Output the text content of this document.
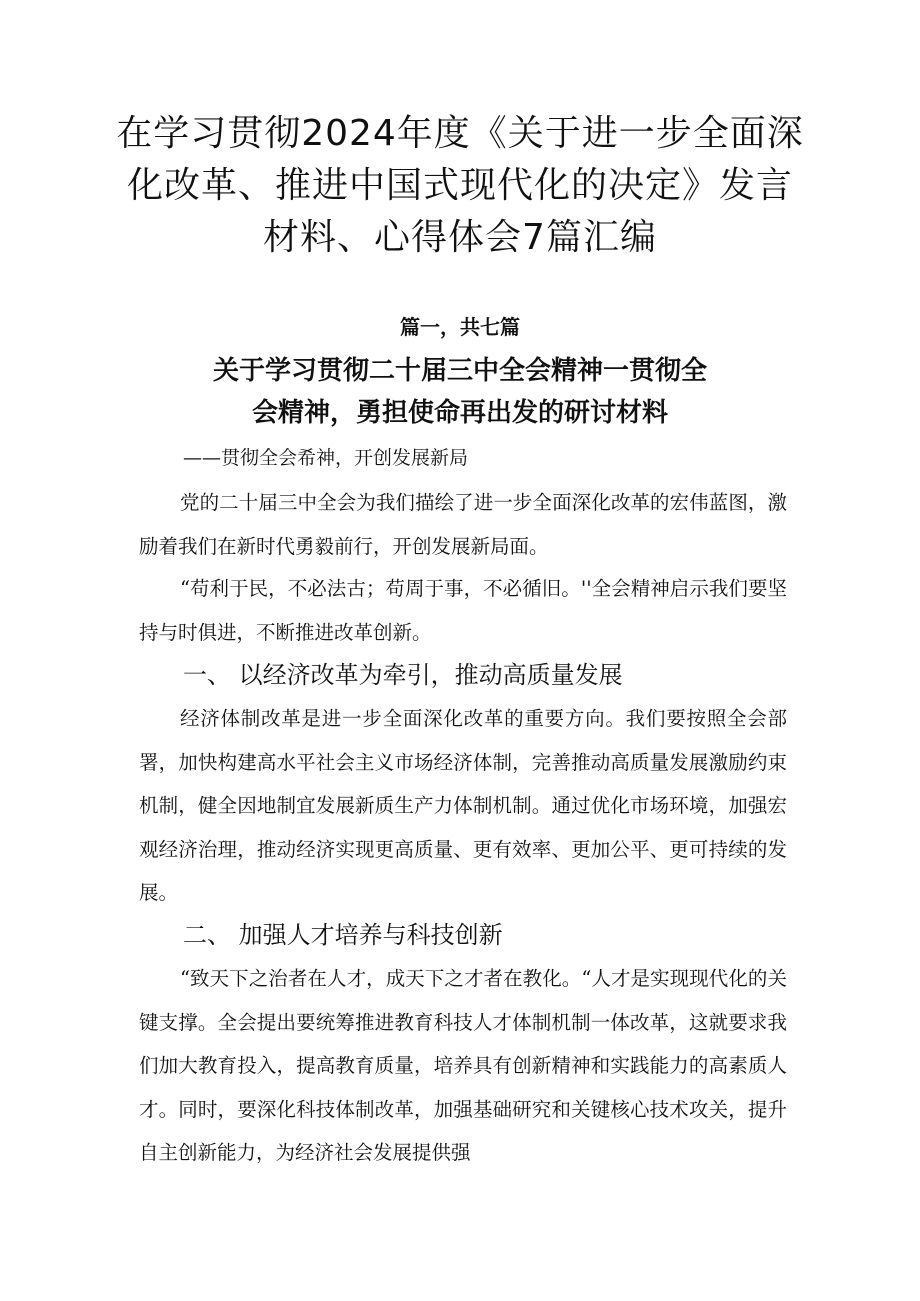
在学习贯彻2024年度《关于进一步全面深
化改革、推进中国式现代化的决定》发言
材料、心得体会7篇汇编
篇一，共七篇
关于学习贯彻二十届三中全会精神一贯彻全
会精神，勇担使命再出发的研讨材料
——贯彻全会希神，开创发展新局

党的二十届三中全会为我们描绘了进一步全面深化改革的宏伟蓝图，激励着我们在新时代勇毅前行，开创发展新局面。

“苟利于民，不必法古；苟周于事，不必循旧。''全会精神启示我们要坚持与时俱进，不断推进改革创新。

一、 以经济改革为牵引，推动高质量发展

经济体制改革是进一步全面深化改革的重要方向。我们要按照全会部署，加快构建高水平社会主义市场经济体制，完善推动高质量发展激励约束机制，健全因地制宜发展新质生产力体制机制。通过优化市场环境，加强宏观经济治理，推动经济实现更高质量、更有效率、更加公平、更可持续的发展。

二、 加强人才培养与科技创新

“致天下之治者在人才，成天下之才者在教化。“人才是实现现代化的关键支撑。全会提出要统筹推进教育科技人才体制机制一体改革，这就要求我们加大教育投入，提高教育质量，培养具有创新精神和实践能力的高素质人才。同时，要深化科技体制改革，加强基础研究和关键核心技术攻关，提升自主创新能力，为经济社会发展提供强
